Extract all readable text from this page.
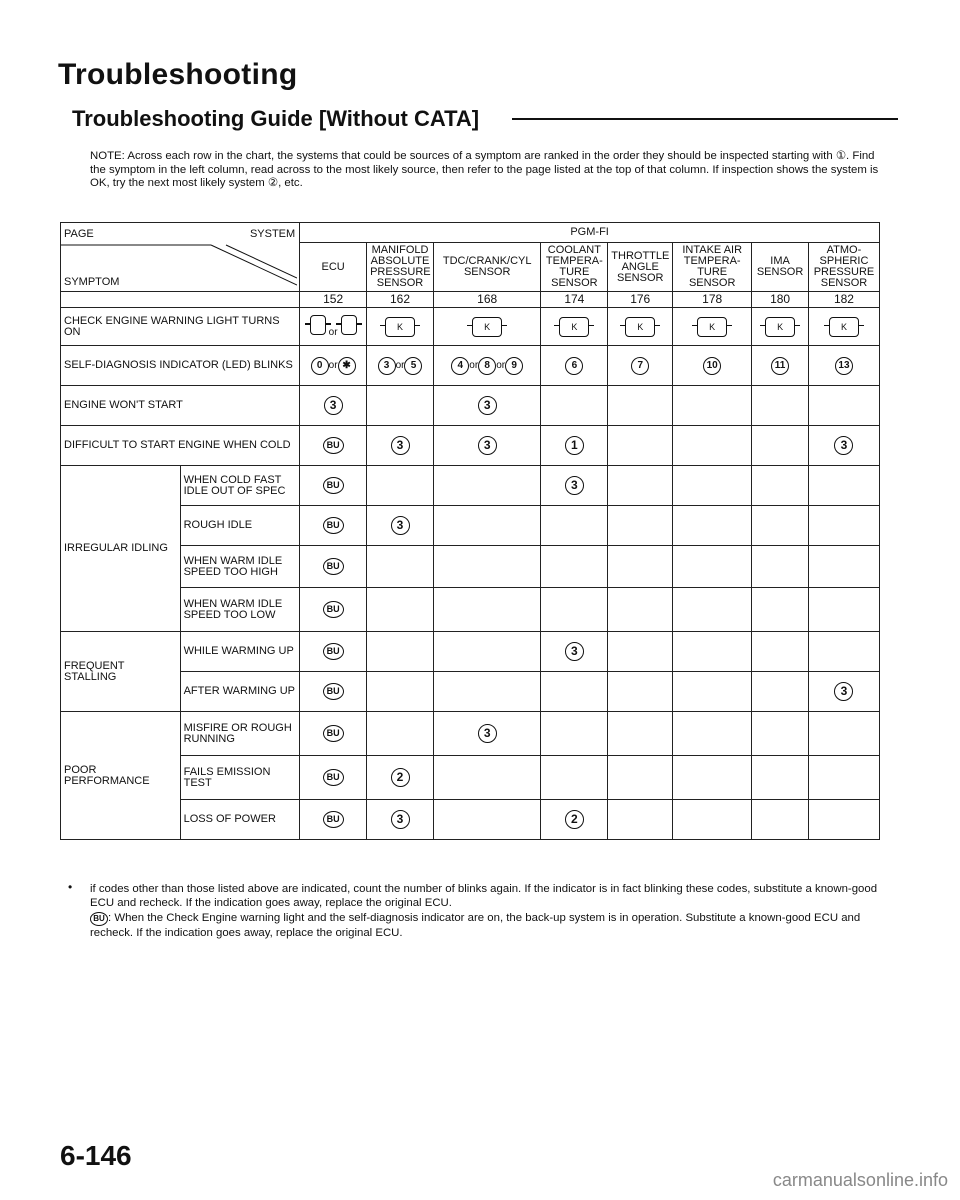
Troubleshooting
Troubleshooting Guide [Without CATA]
NOTE: Across each row in the chart, the systems that could be sources of a symptom are ranked in the order they should be inspected starting with ①. Find the symptom in the left column, read across to the most likely source, then refer to the page listed at the top of that column. If inspection shows the system is OK, try the next most likely system ②, etc.
PAGE SYSTEM
SYMPTOM		PGM-FI							
		ECU	MANIFOLD ABSOLUTE PRESSURE SENSOR	TDC/CRANK/CYL SENSOR	COOLANT TEMPERA-TURE SENSOR	THROTTLE ANGLE SENSOR	INTAKE AIR TEMPERA-TURE SENSOR	IMA SENSOR	ATMO-SPHERIC PRESSURE SENSOR
		152	162	168	174	176	178	180	182
CHECK ENGINE WARNING LIGHT TURNS ON		or	K	K	K	K	K	K	K
SELF-DIAGNOSIS INDICATOR (LED) BLINKS		0 or ✱	3 or 5	4 or 8 or 9	6	7	10	11	13
ENGINE WON'T START		3		3					
DIFFICULT TO START ENGINE WHEN COLD		BU	3	3	1				3
IRREGULAR IDLING	WHEN COLD FAST IDLE OUT OF SPEC	BU			3				
	ROUGH IDLE	BU	3						
	WHEN WARM IDLE SPEED TOO HIGH	BU							
	WHEN WARM IDLE SPEED TOO LOW	BU							
FREQUENT STALLING	WHILE WARMING UP	BU			3				
	AFTER WARMING UP	BU							3
POOR PERFORMANCE	MISFIRE OR ROUGH RUNNING	BU		3					
	FAILS EMISSION TEST	BU	2						
	LOSS OF POWER	BU	3		2				
• if codes other than those listed above are indicated, count the number of blinks again. If the indicator is in fact blinking these codes, substitute a known-good ECU and recheck. If the indication goes away, replace the original ECU.
BU : When the Check Engine warning light and the self-diagnosis indicator are on, the back-up system is in operation. Substitute a known-good ECU and recheck. If the indication goes away, replace the original ECU.
6-146
carmanualsonline.info
